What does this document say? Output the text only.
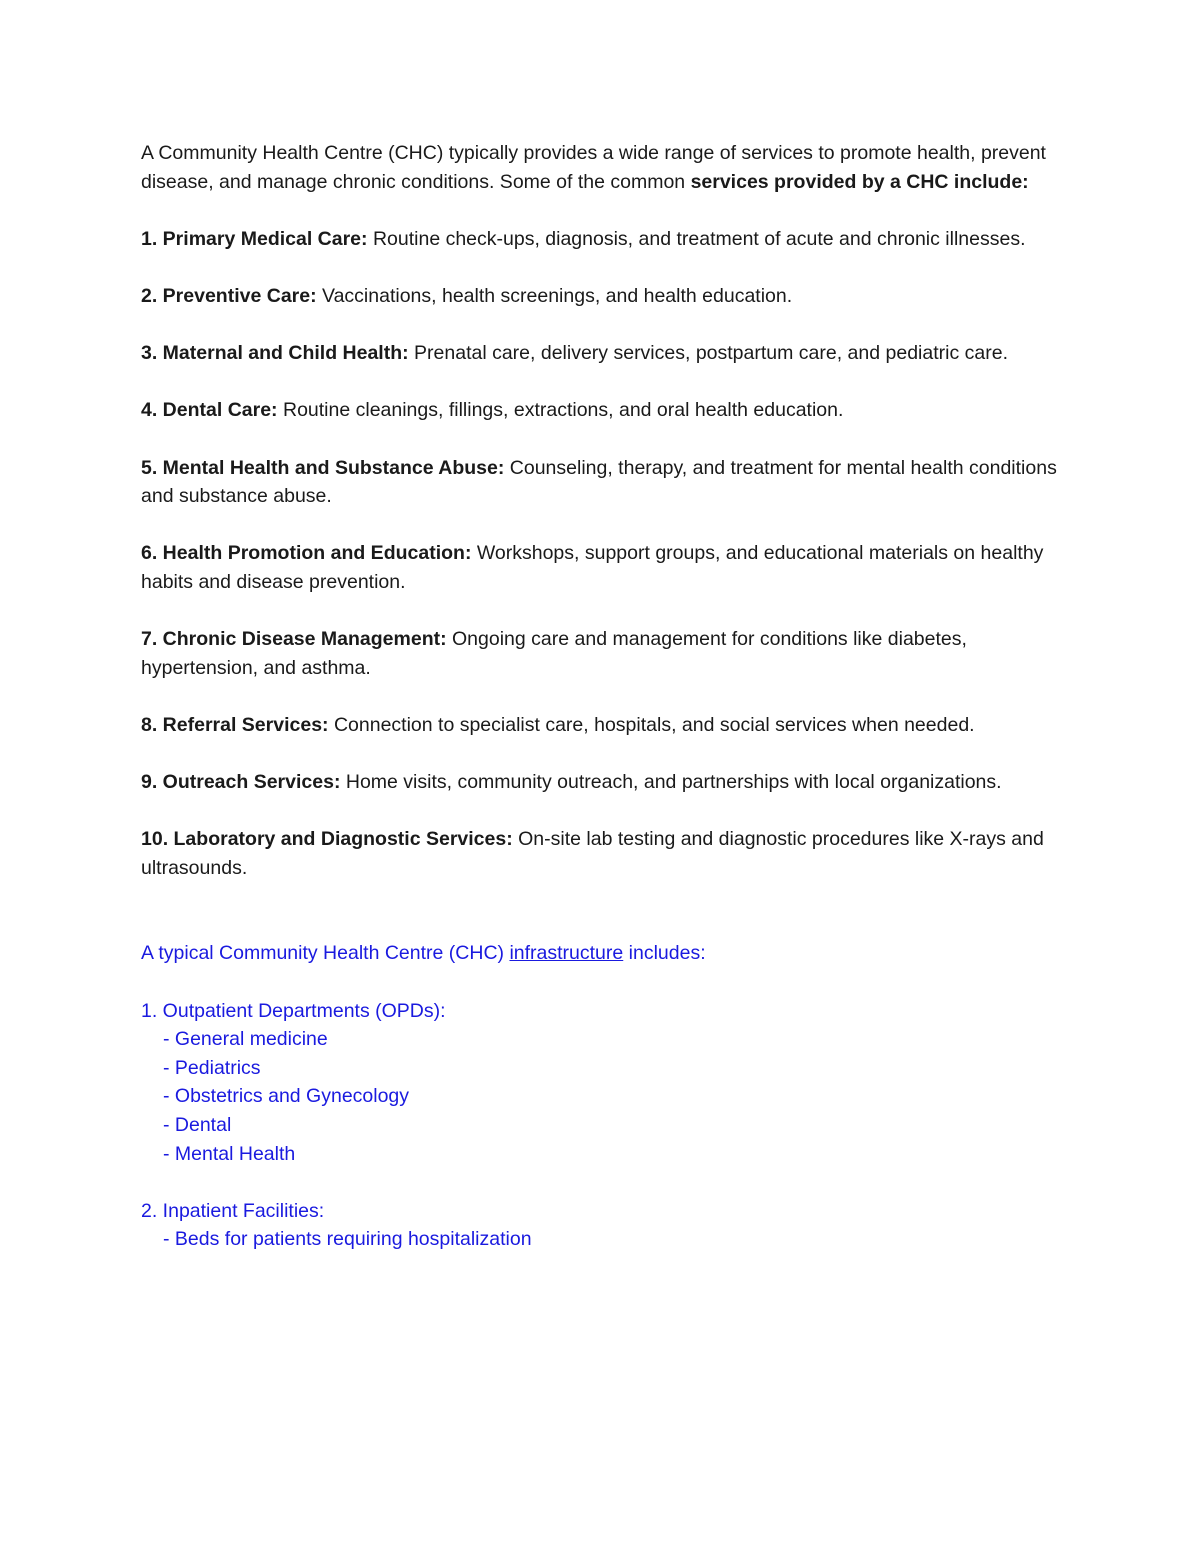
A Community Health Centre (CHC) typically provides a wide range of services to promote health, prevent disease, and manage chronic conditions. Some of the common services provided by a CHC include:

1. Primary Medical Care: Routine check-ups, diagnosis, and treatment of acute and chronic illnesses.

2. Preventive Care: Vaccinations, health screenings, and health education.

3. Maternal and Child Health: Prenatal care, delivery services, postpartum care, and pediatric care.

4. Dental Care: Routine cleanings, fillings, extractions, and oral health education.

5. Mental Health and Substance Abuse: Counseling, therapy, and treatment for mental health conditions and substance abuse.

6. Health Promotion and Education: Workshops, support groups, and educational materials on healthy habits and disease prevention.

7. Chronic Disease Management: Ongoing care and management for conditions like diabetes, hypertension, and asthma.

8. Referral Services: Connection to specialist care, hospitals, and social services when needed.

9. Outreach Services: Home visits, community outreach, and partnerships with local organizations.

10. Laboratory and Diagnostic Services: On-site lab testing and diagnostic procedures like X-rays and ultrasounds.

A typical Community Health Centre (CHC) infrastructure includes:

1. Outpatient Departments (OPDs):

- General medicine

- Pediatrics

- Obstetrics and Gynecology

- Dental

- Mental Health

2. Inpatient Facilities:

- Beds for patients requiring hospitalization
